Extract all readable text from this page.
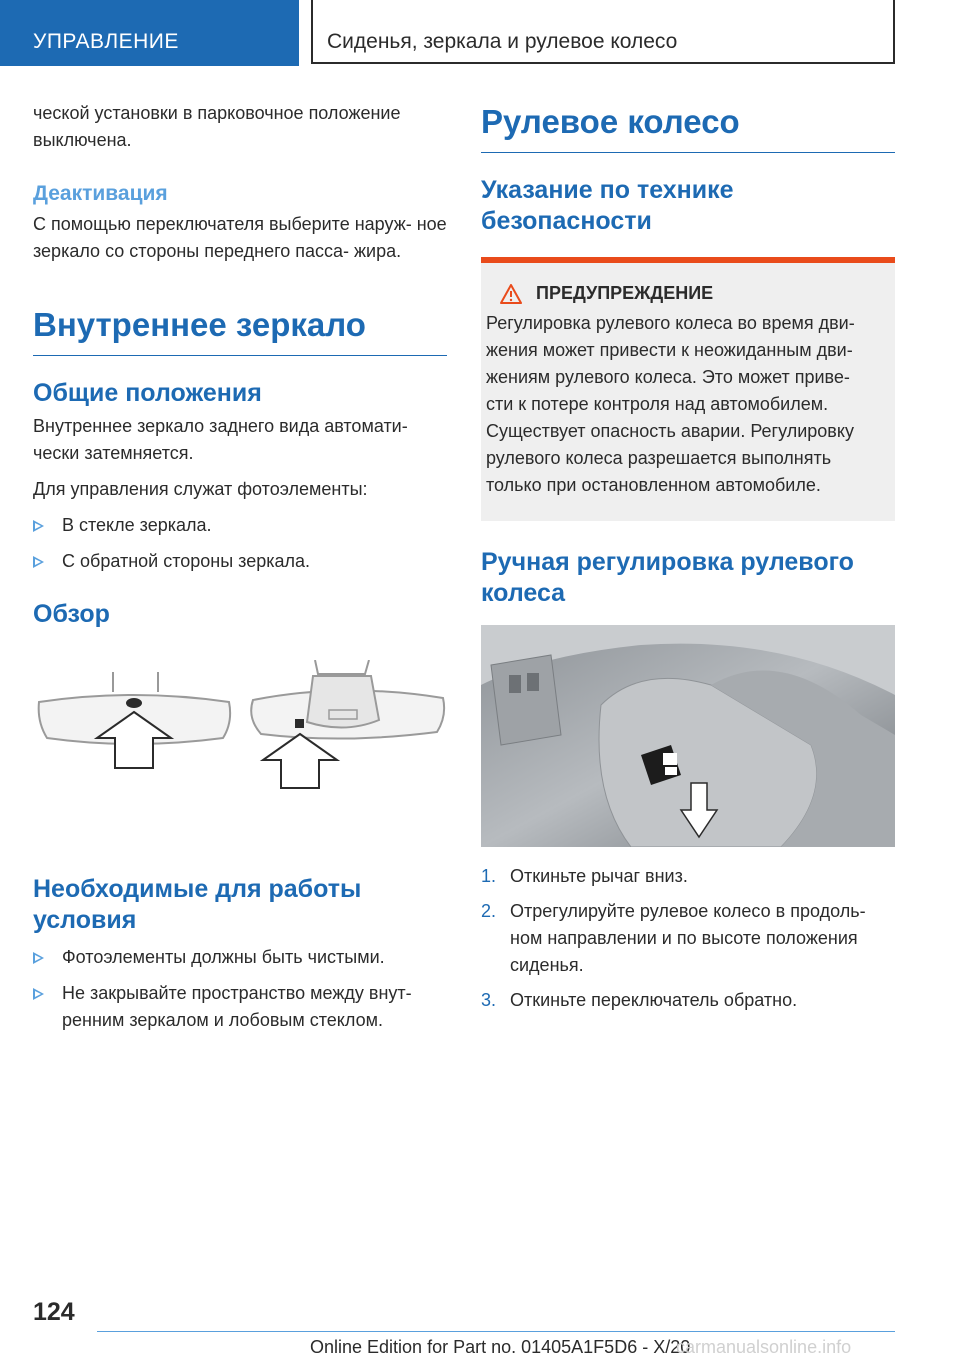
УПРАВЛЕНИЕ	Сиденья, зеркала и рулевое колесо

ческой установки в парковочное положение выключена.

Деактивация

С помощью переключателя выберите наруж- ное зеркало со стороны переднего пасса- жира.

Внутреннее зеркало
Общие положения

Внутреннее зеркало заднего вида автомати- чески затемняется.

Для управления служат фотоэлементы:

В стекле зеркала.
С обратной стороны зеркала.
Обзор
Необходимые для работы условия
Фотоэлементы должны быть чистыми.
Не закрывайте пространство между внут- ренним зеркалом и лобовым стеклом.
Рулевое колесо
Указание по технике безопасности
ПРЕДУПРЕЖДЕНИЕ

Регулировка рулевого колеса во время дви- жения может привести к неожиданным дви- жениям рулевого колеса. Это может приве- сти к потере контроля над автомобилем. Существует опасность аварии. Регулировку рулевого колеса разрешается выполнять только при остановленном автомобиле.

Ручная регулировка рулевого колеса
1. Откиньте рычаг вниз.
2. Отрегулируйте рулевое колесо в продоль- ном направлении и по высоте положения сиденья.
3. Откиньте переключатель обратно.
124
Online Edition for Part no. 01405A1F5D6 - X/20
carmanualsonline.info
